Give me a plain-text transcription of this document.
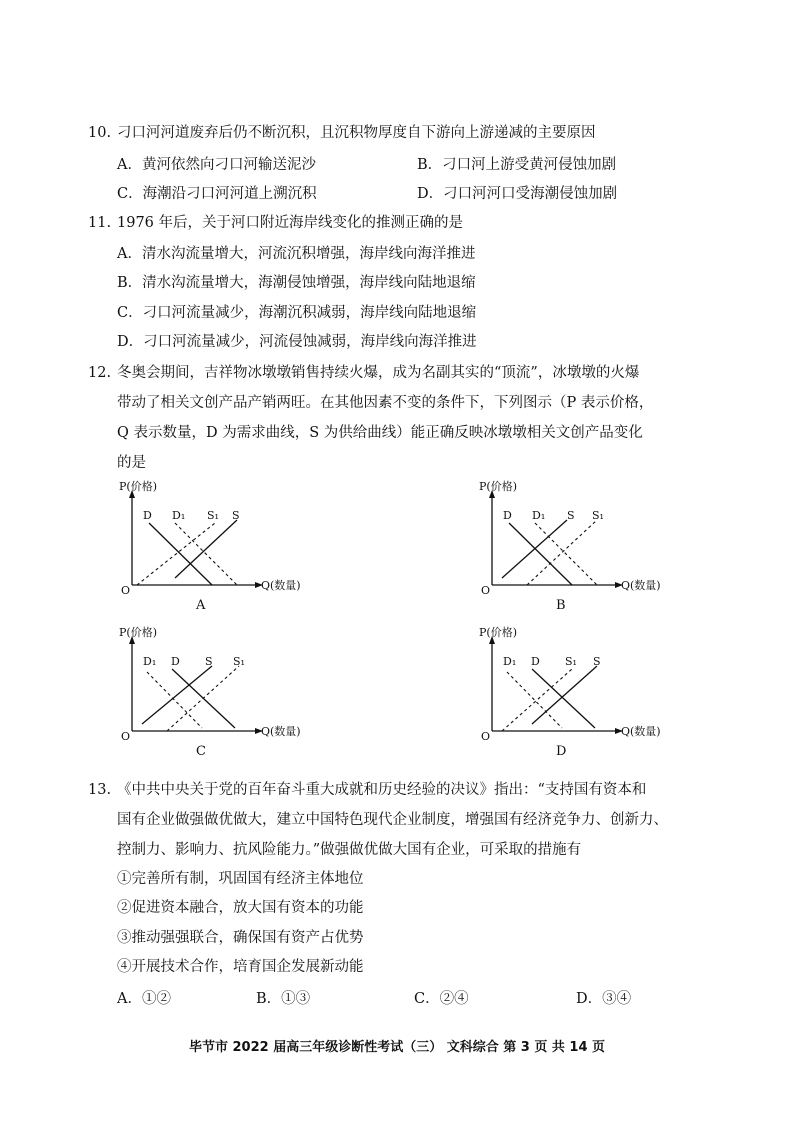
10. 刁口河河道废弃后仍不断沉积，且沉积物厚度自下游向上游递减的主要原因
A．黄河依然向刁口河输送泥沙	B．刁口河上游受黄河侵蚀加剧
C．海潮沿刁口河河道上溯沉积	D．刁口河河口受海潮侵蚀加剧
11. 1976 年后，关于河口附近海岸线变化的推测正确的是
A．清水沟流量增大，河流沉积增强，海岸线向海洋推进
B．清水沟流量增大，海潮侵蚀增强，海岸线向陆地退缩
C．刁口河流量减少，海潮沉积减弱，海岸线向陆地退缩
D．刁口河流量减少，河流侵蚀减弱，海岸线向海洋推进
12. 冬奥会期间，吉祥物冰墩墩销售持续火爆，成为名副其实的“顶流”，冰墩墩的火爆
带动了相关文创产品产销两旺。在其他因素不变的条件下，下列图示（P 表示价格，
Q 表示数量，D 为需求曲线，S 为供给曲线）能正确反映冰墩墩相关文创产品变化
的是
P(价格)
Q(数量)
O
D D₁ S₁ S
A
P(价格)
Q(数量)
O
D D₁ S S₁
B
P(价格)
Q(数量)
O
D₁ D S S₁
C
P(价格)
Q(数量)
O
D₁ D S₁ S
D
13. 《中共中央关于党的百年奋斗重大成就和历史经验的决议》指出：“支持国有资本和
国有企业做强做优做大，建立中国特色现代企业制度，增强国有经济竞争力、创新力、
控制力、影响力、抗风险能力。”做强做优做大国有企业，可采取的措施有
①完善所有制，巩固国有经济主体地位
②促进资本融合，放大国有资本的功能
③推动强强联合，确保国有资产占优势
④开展技术合作，培育国企发展新动能
A．①②	B．①③	C．②④	D．③④
毕节市 2022 届高三年级诊断性考试（三） 文科综合 第 3 页 共 14 页
